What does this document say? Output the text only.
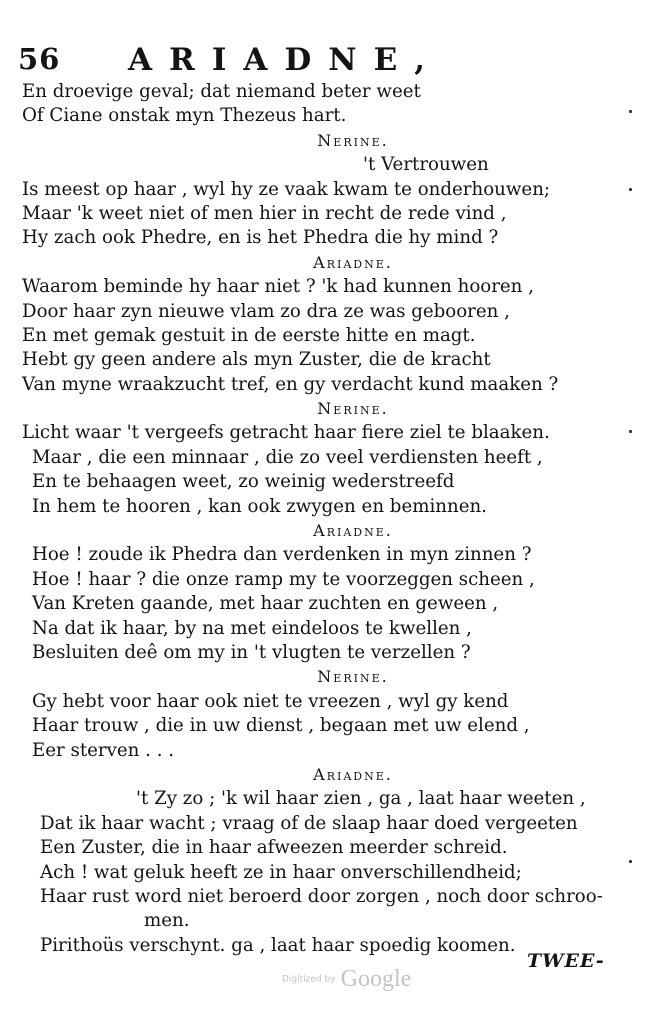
56 ARIADNE,
En droevige geval; dat niemand beter weet
Of Ciane onstak myn Thezeus hart.
Nerine.
't Vertrouwen
Is meest op haar , wyl hy ze vaak kwam te onderhouwen;
Maar 'k weet niet of men hier in recht de rede vind ,
Hy zach ook Phedre, en is het Phedra die hy mind ?
Ariadne.
Waarom beminde hy haar niet ? 'k had kunnen hooren ,
Door haar zyn nieuwe vlam zo dra ze was gebooren ,
En met gemak gestuit in de eerste hitte en magt.
Hebt gy geen andere als myn Zuster, die de kracht
Van myne wraakzucht tref, en gy verdacht kund maaken ?
Nerine.
Licht waar 't vergeefs getracht haar fiere ziel te blaaken.
Maar , die een minnaar , die zo veel verdiensten heeft ,
En te behaagen weet, zo weinig wederstreefd
In hem te hooren , kan ook zwygen en beminnen.
Ariadne.
Hoe ! zoude ik Phedra dan verdenken in myn zinnen ?
Hoe ! haar ? die onze ramp my te voorzeggen scheen ,
Van Kreten gaande, met haar zuchten en geween ,
Na dat ik haar, by na met eindeloos te kwellen ,
Besluiten deê om my in 't vlugten te verzellen ?
Nerine.
Gy hebt voor haar ook niet te vreezen , wyl gy kend
Haar trouw , die in uw dienst , begaan met uw elend ,
Eer sterven . . .
Ariadne.
't Zy zo ; 'k wil haar zien , ga , laat haar weeten ,
Dat ik haar wacht ; vraag of de slaap haar doed vergeeten
Een Zuster, die in haar afweezen meerder schreid.
Ach ! wat geluk heeft ze in haar onverschillendheid;
Haar rust word niet beroerd door zorgen , noch door schroo-
men.
Pirithoüs verschynt. ga , laat haar spoedig koomen.
TWEE-
Digitized by Google
